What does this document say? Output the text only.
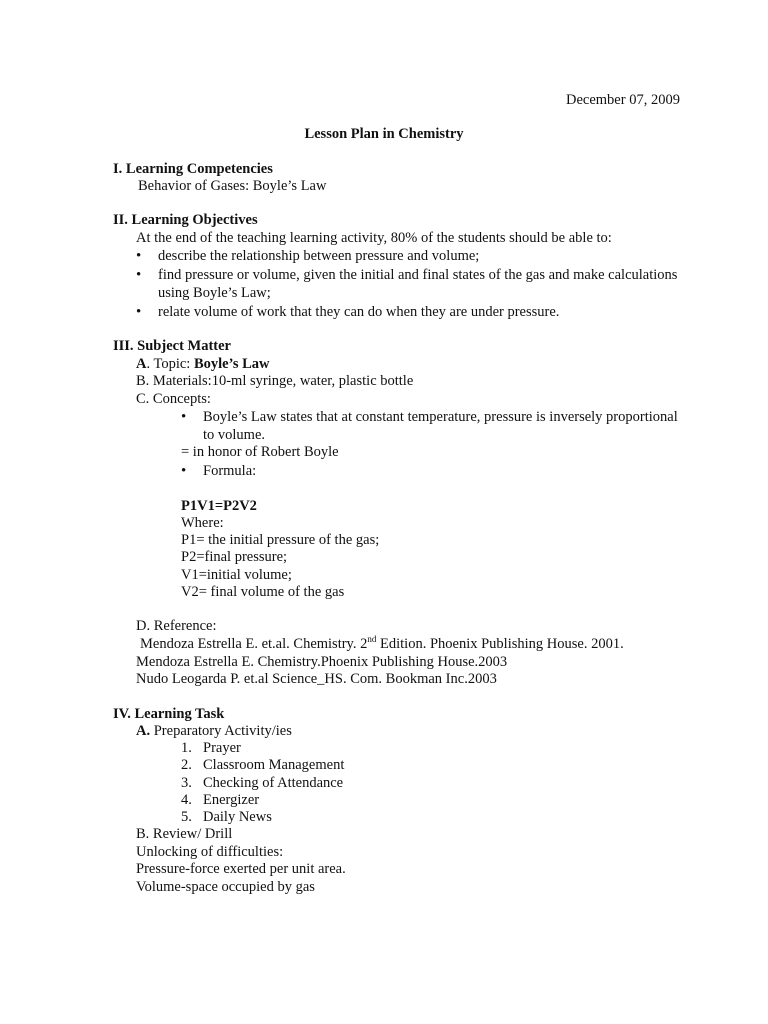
December 07, 2009
Lesson Plan in Chemistry
I. Learning Competencies
Behavior of Gases: Boyle’s Law
II. Learning Objectives
At the end of the teaching learning activity, 80% of the students should be able to:
• describe the relationship between pressure and volume;
• find pressure or volume, given the initial and final states of the gas and make calculations
using Boyle’s Law;
• relate volume of work that they can do when they are under pressure.
III. Subject Matter
A. Topic: Boyle’s Law
B. Materials:10-ml syringe, water, plastic bottle
C. Concepts:
• Boyle’s Law states that at constant temperature, pressure is inversely proportional
to volume.
= in honor of Robert Boyle
• Formula:
P1V1=P2V2
Where:
P1= the initial pressure of the gas;
P2=final pressure;
V1=initial volume;
V2= final volume of the gas
D. Reference:
Mendoza Estrella E. et.al. Chemistry. 2nd Edition. Phoenix Publishing House. 2001.
Mendoza Estrella E. Chemistry.Phoenix Publishing House.2003
Nudo Leogarda P. et.al Science_HS. Com. Bookman Inc.2003
IV. Learning Task
A. Preparatory Activity/ies
1. Prayer
2. Classroom Management
3. Checking of Attendance
4. Energizer
5. Daily News
B. Review/ Drill
Unlocking of difficulties:
Pressure-force exerted per unit area.
Volume-space occupied by gas
